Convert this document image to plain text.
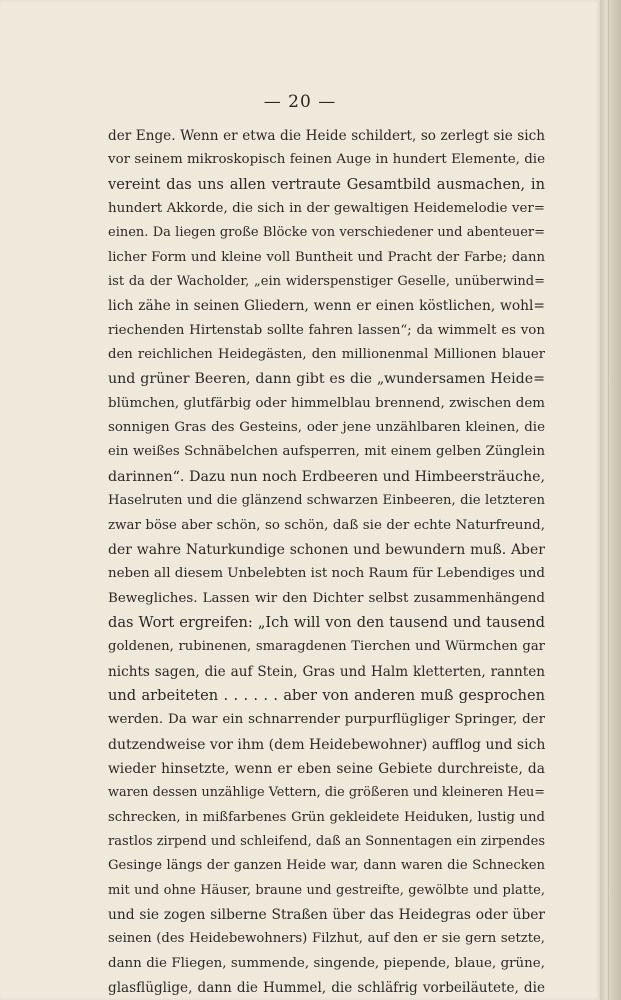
— 20 —
der Enge. Wenn er etwa die Heide schildert, so zerlegt sie sich
vor seinem mikroskopisch feinen Auge in hundert Elemente, die
vereint das uns allen vertraute Gesamtbild ausmachen, in
hundert Akkorde, die sich in der gewaltigen Heidemelodie ver=
einen. Da liegen große Blöcke von verschiedener und abenteuer=
licher Form und kleine voll Buntheit und Pracht der Farbe; dann
ist da der Wacholder, „ein widerspenstiger Geselle, unüberwind=
lich zähe in seinen Gliedern, wenn er einen köstlichen, wohl=
riechenden Hirtenstab sollte fahren lassen“; da wimmelt es von
den reichlichen Heidegästen, den millionenmal Millionen blauer
und grüner Beeren, dann gibt es die „wundersamen Heide=
blümchen, glutfärbig oder himmelblau brennend, zwischen dem
sonnigen Gras des Gesteins, oder jene unzählbaren kleinen, die
ein weißes Schnäbelchen aufsperren, mit einem gelben Zünglein
darinnen“. Dazu nun noch Erdbeeren und Himbeersträuche,
Haselruten und die glänzend schwarzen Einbeeren, die letzteren
zwar böse aber schön, so schön, daß sie der echte Naturfreund,
der wahre Naturkundige schonen und bewundern muß. Aber
neben all diesem Unbelebten ist noch Raum für Lebendiges und
Bewegliches. Lassen wir den Dichter selbst zusammenhängend
das Wort ergreifen: „Ich will von den tausend und tausend
goldenen, rubinenen, smaragdenen Tierchen und Würmchen gar
nichts sagen, die auf Stein, Gras und Halm kletterten, rannten
und arbeiteten . . . . . . aber von anderen muß gesprochen
werden. Da war ein schnarrender purpurflügliger Springer, der
dutzendweise vor ihm (dem Heidebewohner) aufflog und sich
wieder hinsetzte, wenn er eben seine Gebiete durchreiste, da
waren dessen unzählige Vettern, die größeren und kleineren Heu=
schrecken, in mißfarbenes Grün gekleidete Heiduken, lustig und
rastlos zirpend und schleifend, daß an Sonnentagen ein zirpendes
Gesinge längs der ganzen Heide war, dann waren die Schnecken
mit und ohne Häuser, braune und gestreifte, gewölbte und platte,
und sie zogen silberne Straßen über das Heidegras oder über
seinen (des Heidebewohners) Filzhut, auf den er sie gern setzte,
dann die Fliegen, summende, singende, piepende, blaue, grüne,
glasflüglige, dann die Hummel, die schläfrig vorbeiläutete, die
